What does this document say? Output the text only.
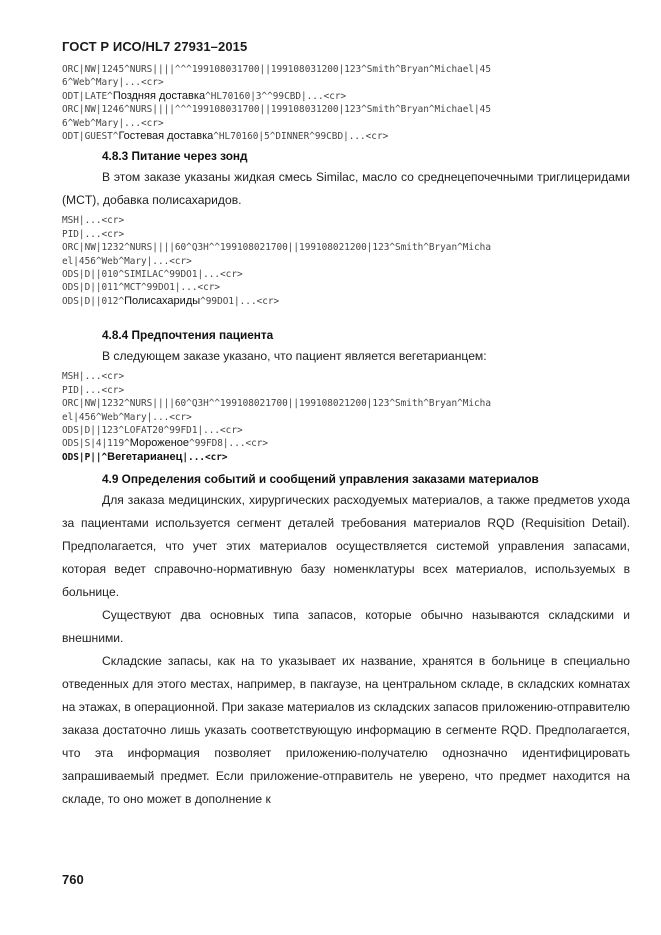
ГОСТ Р ИСО/HL7 27931–2015
ORC|NW|1245^NURS||||^^^199108031700||199108031200|123^Smith^Bryan^Michael|45
6^Web^Mary|...<cr>
ODT|LATE^Поздняя доставка^HL70160|3^^99CBD|...<cr>
ORC|NW|1246^NURS||||^^^199108031700||199108031200|123^Smith^Bryan^Michael|45
6^Web^Mary|...<cr>
ODT|GUEST^Гостевая доставка^HL70160|5^DINNER^99CBD|...<cr>
4.8.3 Питание через зонд

В этом заказе указаны жидкая смесь Similac, масло со среднецепочечными триглицеридами (MCT), добавка полисахаридов.

MSH|...<cr>
PID|...<cr>
ORC|NW|1232^NURS||||60^Q3H^^199108021700||199108021200|123^Smith^Bryan^Micha
el|456^Web^Mary|...<cr>
ODS|D||010^SIMILAC^99DO1|...<cr>
ODS|D||011^MCT^99DO1|...<cr>
ODS|D||012^Полисахариды^99DO1|...<cr>
4.8.4 Предпочтения пациента

В следующем заказе указано, что пациент является вегетарианцем:

MSH|...<cr>
PID|...<cr>
ORC|NW|1232^NURS||||60^Q3H^^199108021700||199108021200|123^Smith^Bryan^Micha
el|456^Web^Mary|...<cr>
ODS|D||123^LOFAT20^99FD1|...<cr>
ODS|S|4|119^Мороженое^99FD8|...<cr>
ODS|P||^Вегетарианец|...<cr>
4.9 Определения событий и сообщений управления заказами материалов

Для заказа медицинских, хирургических расходуемых материалов, а также предметов ухода за пациентами используется сегмент деталей требования материалов RQD (Requisition Detail). Предполагается, что учет этих материалов осуществляется системой управления запасами, которая ведет справочно-нормативную базу номенклатуры всех материалов, используемых в больнице.

Существуют два основных типа запасов, которые обычно называются складскими и внешними.

Складские запасы, как на то указывает их название, хранятся в больнице в специально отведенных для этого местах, например, в пакгаузе, на центральном складе, в складских комнатах на этажах, в операционной. При заказе материалов из складских запасов приложению-отправителю заказа достаточно лишь указать соответствующую информацию в сегменте RQD. Предполагается, что эта информация позволяет приложению-получателю однозначно идентифицировать запрашиваемый предмет. Если приложение-отправитель не уверено, что предмет находится на складе, то оно может в дополнение к

760
